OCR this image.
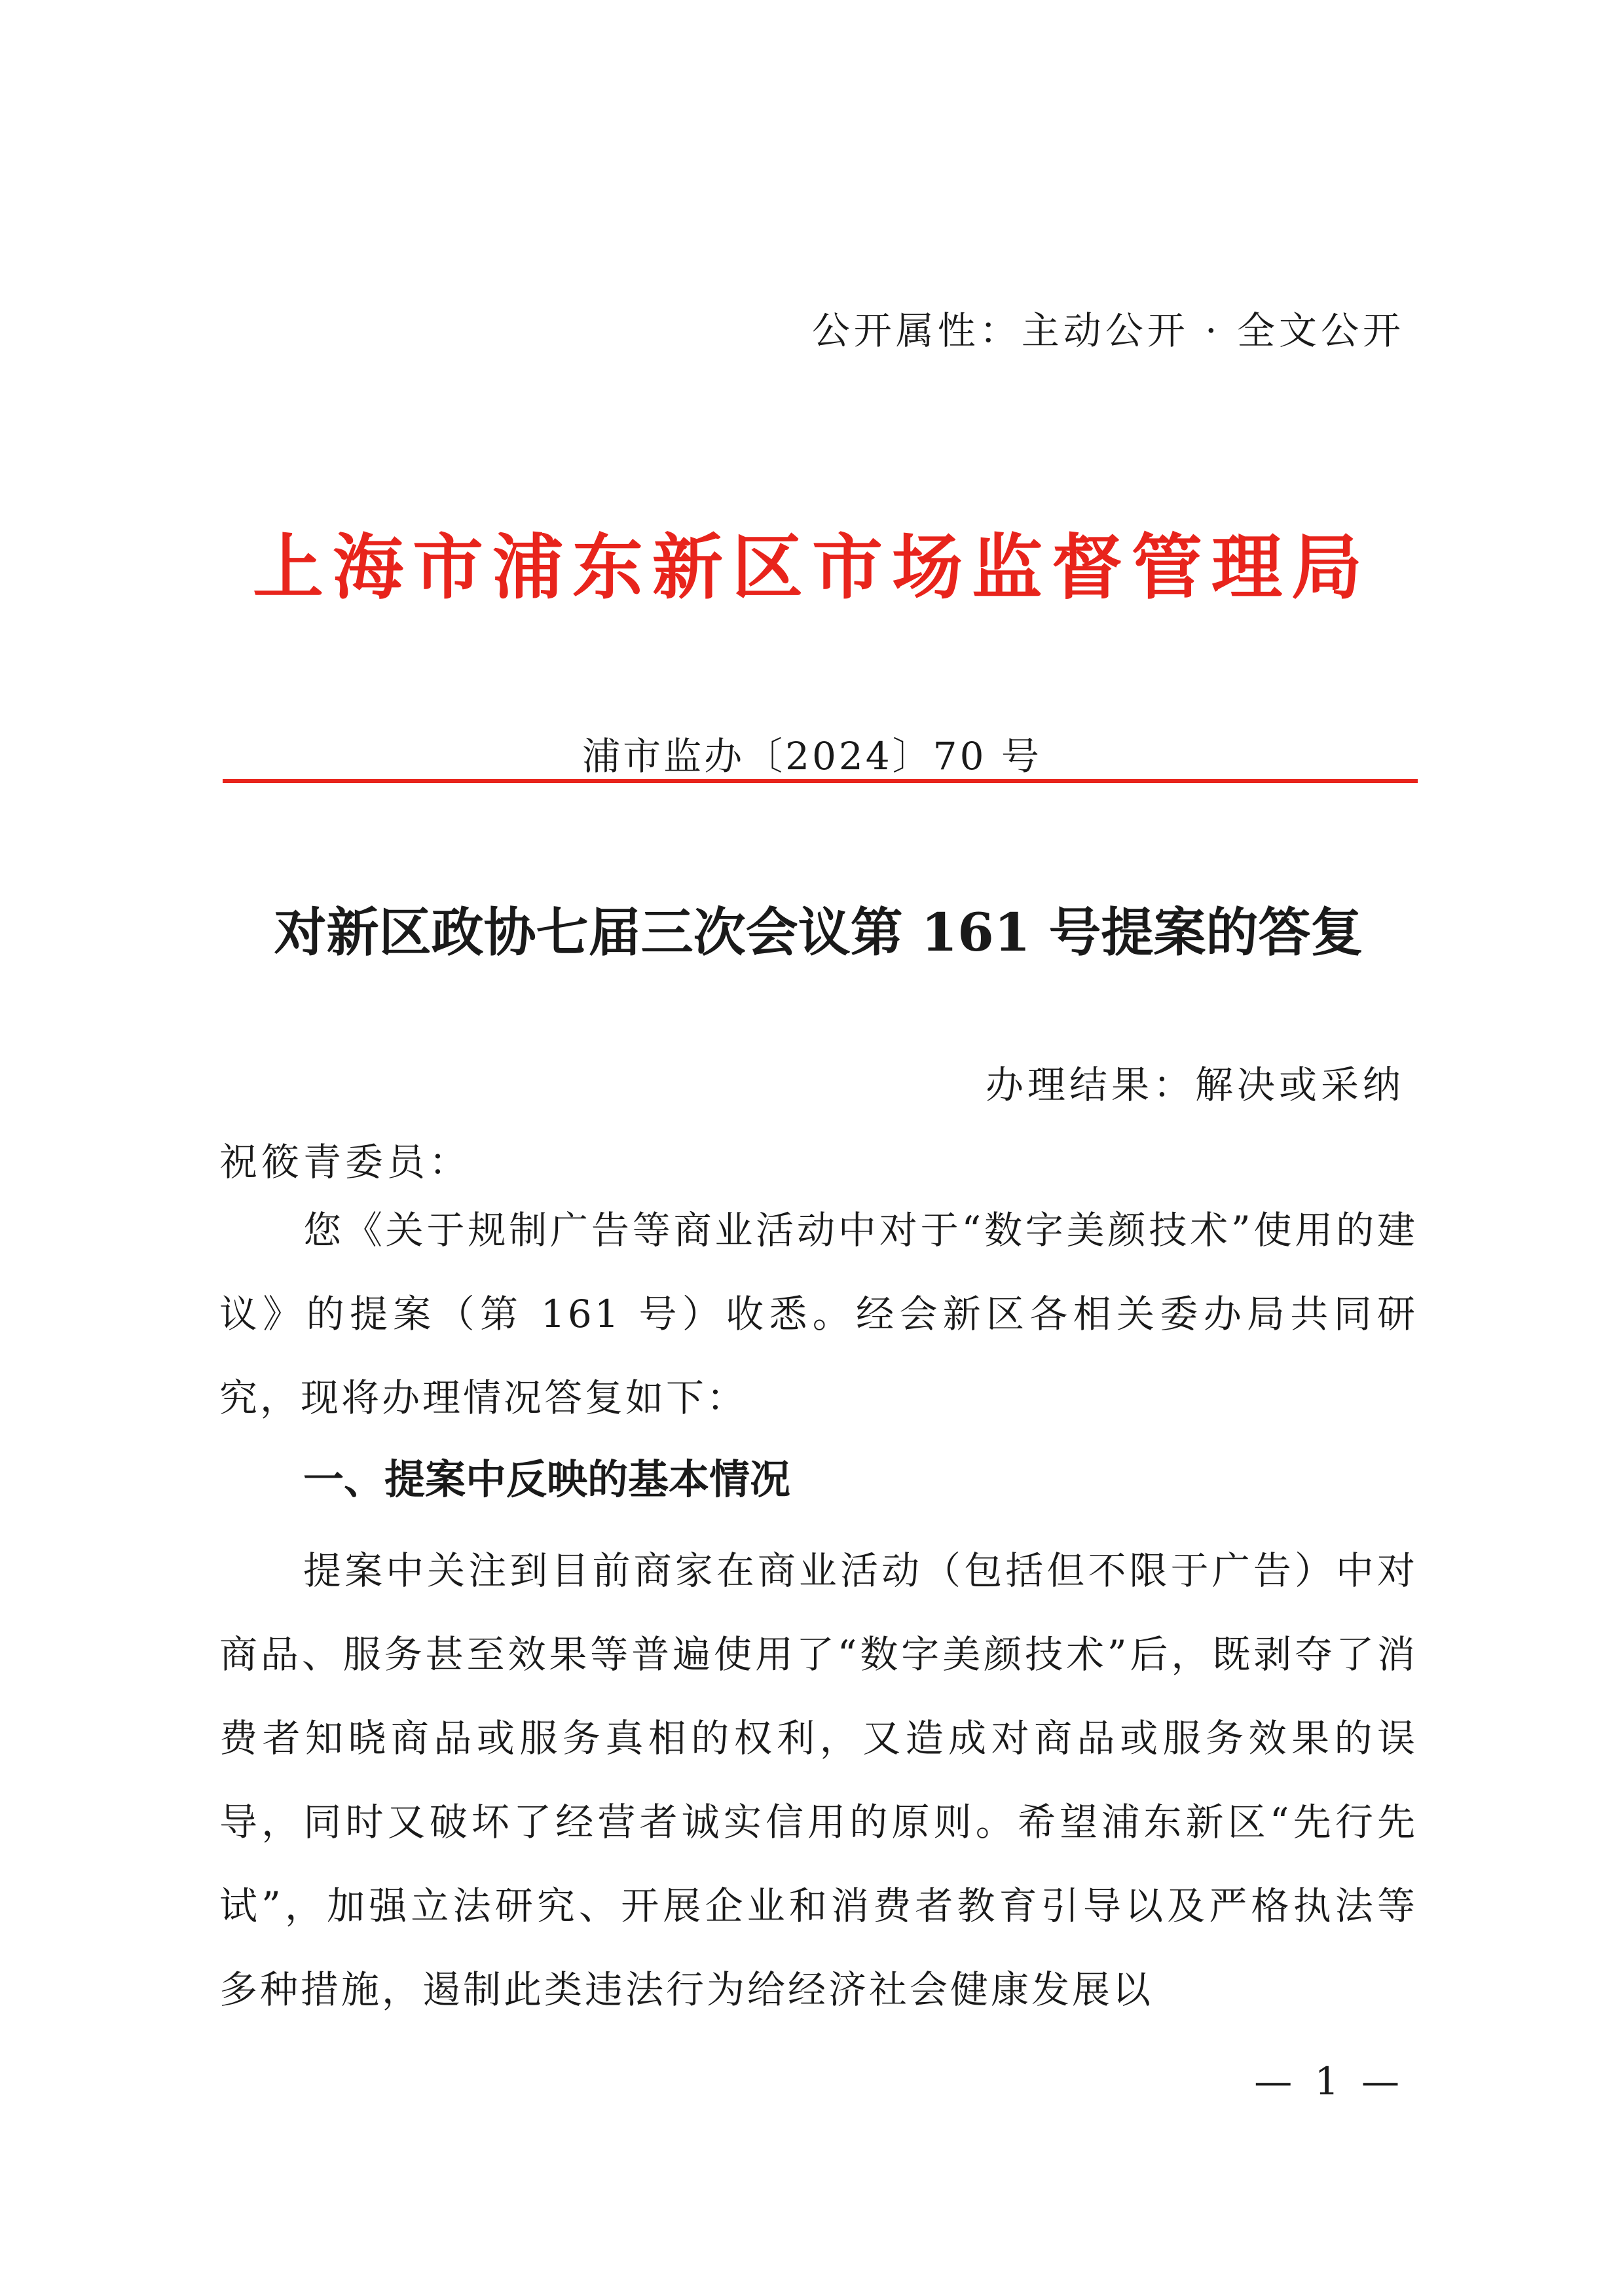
公开属性：主动公开 · 全文公开
上海市浦东新区市场监督管理局
浦市监办〔2024〕70 号
对新区政协七届三次会议第 161 号提案的答复
办理结果：解决或采纳
祝筱青委员：

您《关于规制广告等商业活动中对于“数字美颜技术”使用的建议》的提案（第 161 号）收悉。经会新区各相关委办局共同研究，现将办理情况答复如下：

一、提案中反映的基本情况

提案中关注到目前商家在商业活动（包括但不限于广告）中对商品、服务甚至效果等普遍使用了“数字美颜技术”后，既剥夺了消费者知晓商品或服务真相的权利，又造成对商品或服务效果的误导，同时又破坏了经营者诚实信用的原则。希望浦东新区“先行先试”，加强立法研究、开展企业和消费者教育引导以及严格执法等多种措施，遏制此类违法行为给经济社会健康发展以

— 1 —
